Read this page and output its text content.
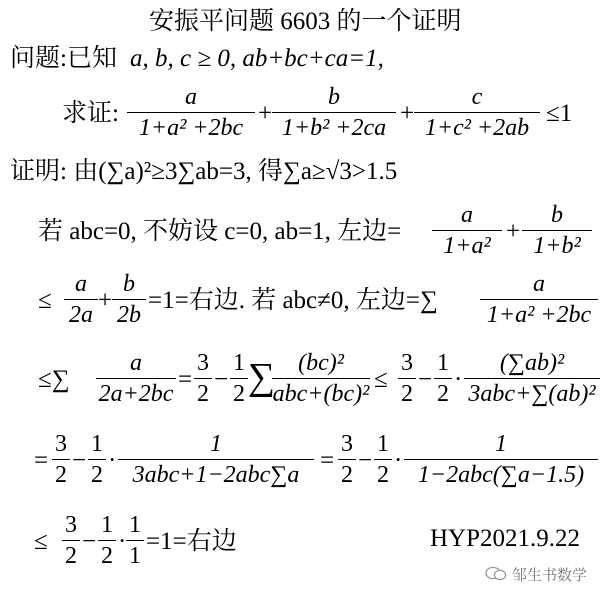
安振平问题 6603 的一个证明
问题:已知 a, b, c ≥ 0, ab+bc+ca=1,
求证:
a
1+a² +2bc
+
b
1+b² +2ca
+
c
1+c² +2ab
≤1
证明: 由(∑a)²≥3∑ab=3, 得∑a≥√3>1.5
若 abc=0, 不妨设 c=0, ab=1, 左边=
a
1+a²
+
b
1+b²
≤
a
2a
+
b
2b
=1=右边. 若 abc≠0, 左边=∑
a
1+a² +2bc
≤∑
a
2a+2bc
=
3
2
−
1
2 ∑ (bc)²
abc+(bc)²
≤
3
2
−
1
2
·
(∑ab)²
3abc+∑(ab)²
=
3
2
−
1
2
·
1
3abc+1−2abc∑a
=
3
2
−
1
2
·
1
1−2abc(∑a−1.5)
≤
3
2
−
1
2
·
1
1
=1=右边	HYP2021.9.22
邹生书数学
